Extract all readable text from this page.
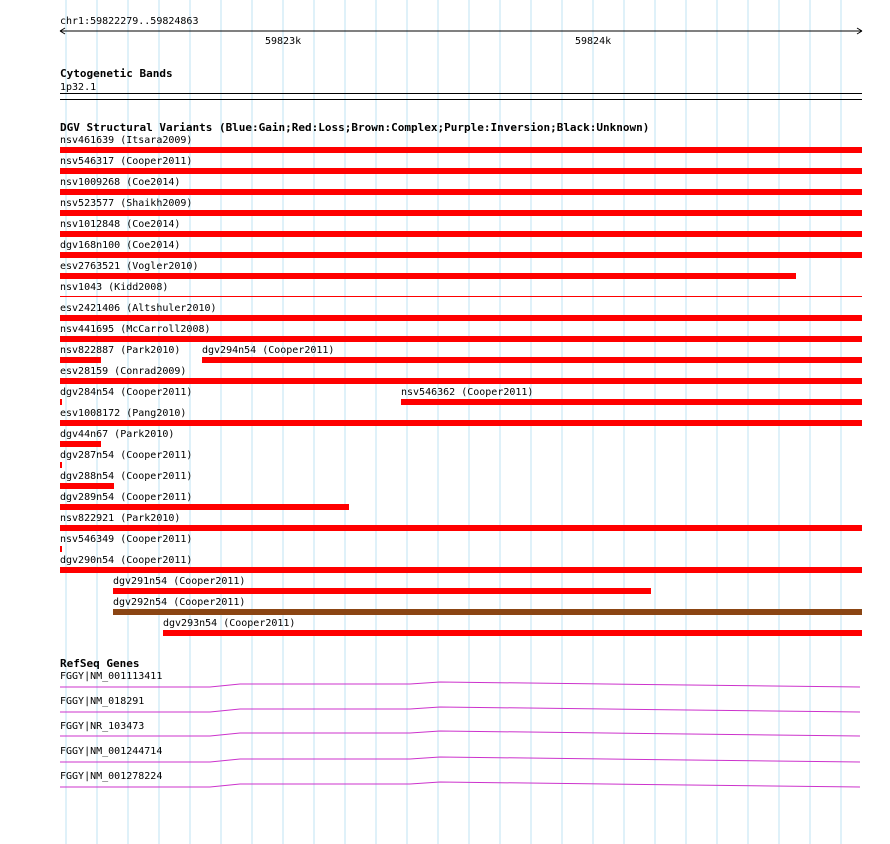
chr1:59822279..59824863
59823k	59824k
Cytogenetic Bands
1p32.1
DGV Structural Variants (Blue:Gain;Red:Loss;Brown:Complex;Purple:Inversion;Black:Unknown)
nsv461639 (Itsara2009)
nsv546317 (Cooper2011)
nsv1009268 (Coe2014)
nsv523577 (Shaikh2009)
nsv1012848 (Coe2014)
dgv168n100 (Coe2014)
esv2763521 (Vogler2010)
nsv1043 (Kidd2008)
esv2421406 (Altshuler2010)
nsv441695 (McCarroll2008)
nsv822887 (Park2010) dgv294n54 (Cooper2011)
esv28159 (Conrad2009)
dgv284n54 (Cooper2011)	nsv546362 (Cooper2011)
esv1008172 (Pang2010)
dgv44n67 (Park2010)
dgv287n54 (Cooper2011)
dgv288n54 (Cooper2011)
dgv289n54 (Cooper2011)
nsv822921 (Park2010)
nsv546349 (Cooper2011)
dgv290n54 (Cooper2011)
dgv291n54 (Cooper2011)
dgv292n54 (Cooper2011)
dgv293n54 (Cooper2011)
RefSeq Genes
FGGY|NM_001113411
FGGY|NM_018291
FGGY|NR_103473
FGGY|NM_001244714
FGGY|NM_001278224
